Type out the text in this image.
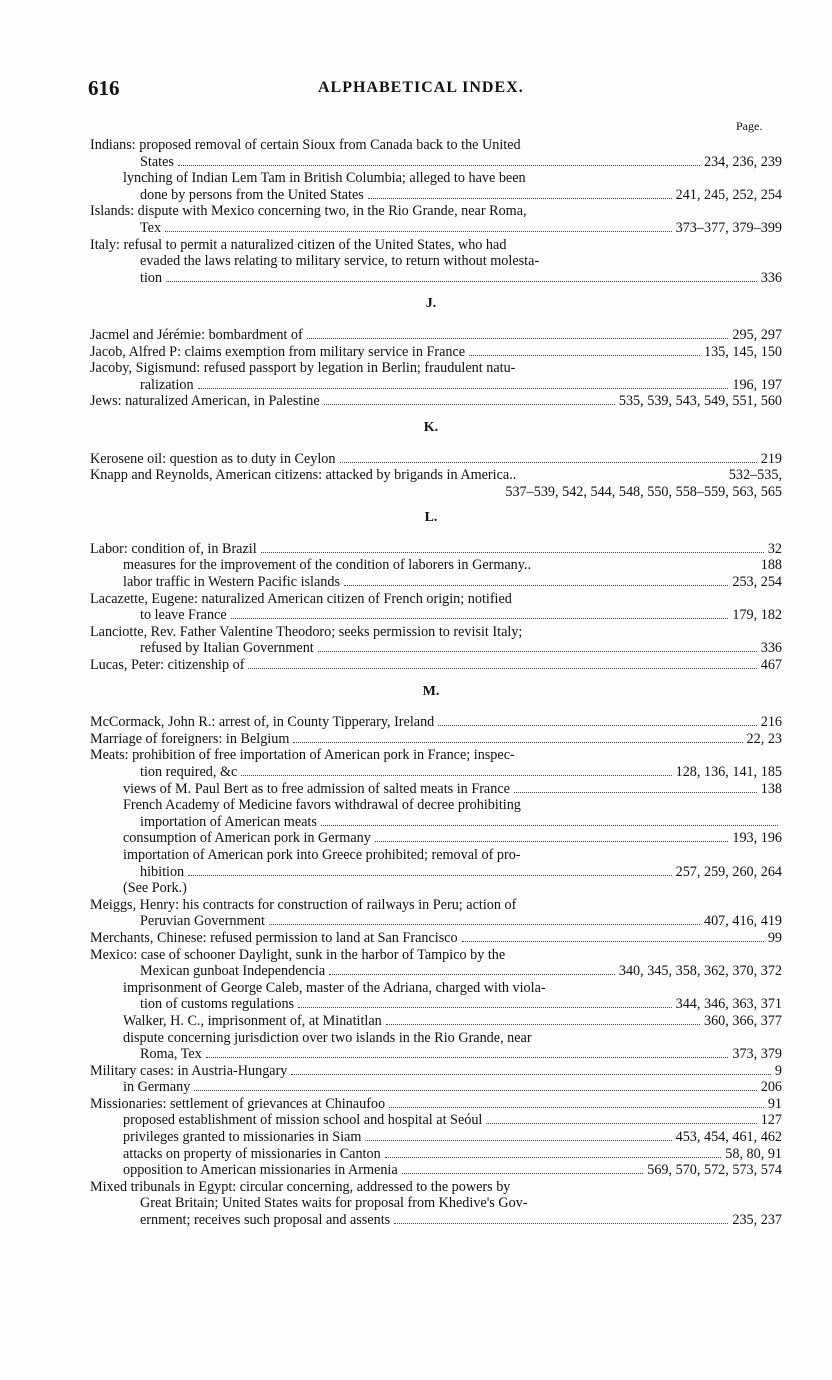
616	ALPHABETICAL INDEX.
Page.
Indians: proposed removal of certain Sioux from Canada back to the United
States	234, 236, 239
lynching of Indian Lem Tam in British Columbia; alleged to have been
done by persons from the United States	241, 245, 252, 254
Islands: dispute with Mexico concerning two, in the Rio Grande, near Roma,
Tex	373–377, 379–399
Italy: refusal to permit a naturalized citizen of the United States, who had
evaded the laws relating to military service, to return without molesta-
tion	336
J.
Jacmel and Jérémie: bombardment of	295, 297
Jacob, Alfred P: claims exemption from military service in France	135, 145, 150
Jacoby, Sigismund: refused passport by legation in Berlin; fraudulent natu-
ralization	196, 197
Jews: naturalized American, in Palestine	535, 539, 543, 549, 551, 560
K.
Kerosene oil: question as to duty in Ceylon	219
Knapp and Reynolds, American citizens: attacked by brigands in America..	532–535,
537–539, 542, 544, 548, 550, 558–559, 563, 565
L.
Labor: condition of, in Brazil	32
measures for the improvement of the condition of laborers in Germany..	188
labor traffic in Western Pacific islands	253, 254
Lacazette, Eugene: naturalized American citizen of French origin; notified
to leave France	179, 182
Lanciotte, Rev. Father Valentine Theodoro; seeks permission to revisit Italy;
refused by Italian Government	336
Lucas, Peter: citizenship of	467
M.
McCormack, John R.: arrest of, in County Tipperary, Ireland	216
Marriage of foreigners: in Belgium	22, 23
Meats: prohibition of free importation of American pork in France; inspec-
tion required, &c	128, 136, 141, 185
views of M. Paul Bert as to free admission of salted meats in France	138
French Academy of Medicine favors withdrawal of decree prohibiting
importation of American meats
consumption of American pork in Germany	193, 196
importation of American pork into Greece prohibited; removal of pro-
hibition	257, 259, 260, 264
(See Pork.)
Meiggs, Henry: his contracts for construction of railways in Peru; action of
Peruvian Government	407, 416, 419
Merchants, Chinese: refused permission to land at San Francisco	99
Mexico: case of schooner Daylight, sunk in the harbor of Tampico by the
Mexican gunboat Independencia	340, 345, 358, 362, 370, 372
imprisonment of George Caleb, master of the Adriana, charged with viola-
tion of customs regulations	344, 346, 363, 371
Walker, H. C., imprisonment of, at Minatitlan	360, 366, 377
dispute concerning jurisdiction over two islands in the Rio Grande, near
Roma, Tex	373, 379
Military cases: in Austria-Hungary	9
in Germany	206
Missionaries: settlement of grievances at Chinaufoo	91
proposed establishment of mission school and hospital at Seóul	127
privileges granted to missionaries in Siam	453, 454, 461, 462
attacks on property of missionaries in Canton	58, 80, 91
opposition to American missionaries in Armenia	569, 570, 572, 573, 574
Mixed tribunals in Egypt: circular concerning, addressed to the powers by
Great Britain; United States waits for proposal from Khedive's Gov-
ernment; receives such proposal and assents	235, 237
